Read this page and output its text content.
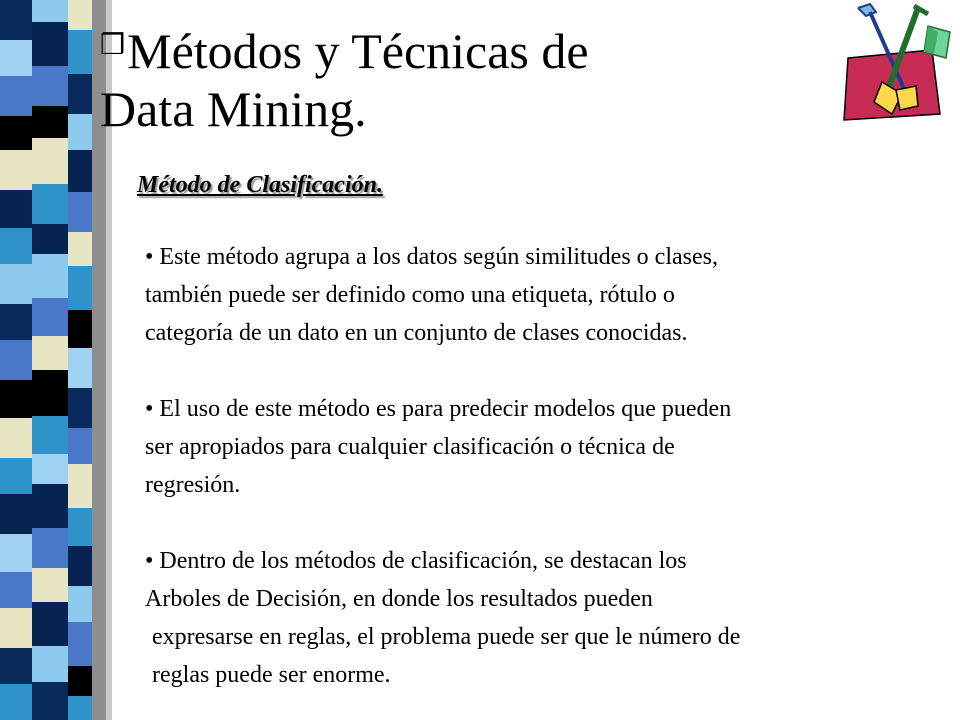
❒Métodos y Técnicas de
Data Mining.
Método de Clasificación.

• Este método agrupa a los datos según similitudes o clases,
también puede ser definido como una etiqueta, rótulo o
categoría de un dato en un conjunto de clases conocidas.

• El uso de este método es para predecir modelos que pueden
ser apropiados para cualquier clasificación o técnica de
regresión.

• Dentro de los métodos de clasificación, se destacan los
Arboles de Decisión, en donde los resultados pueden
expresarse en reglas, el problema puede ser que le número de
reglas puede ser enorme.
